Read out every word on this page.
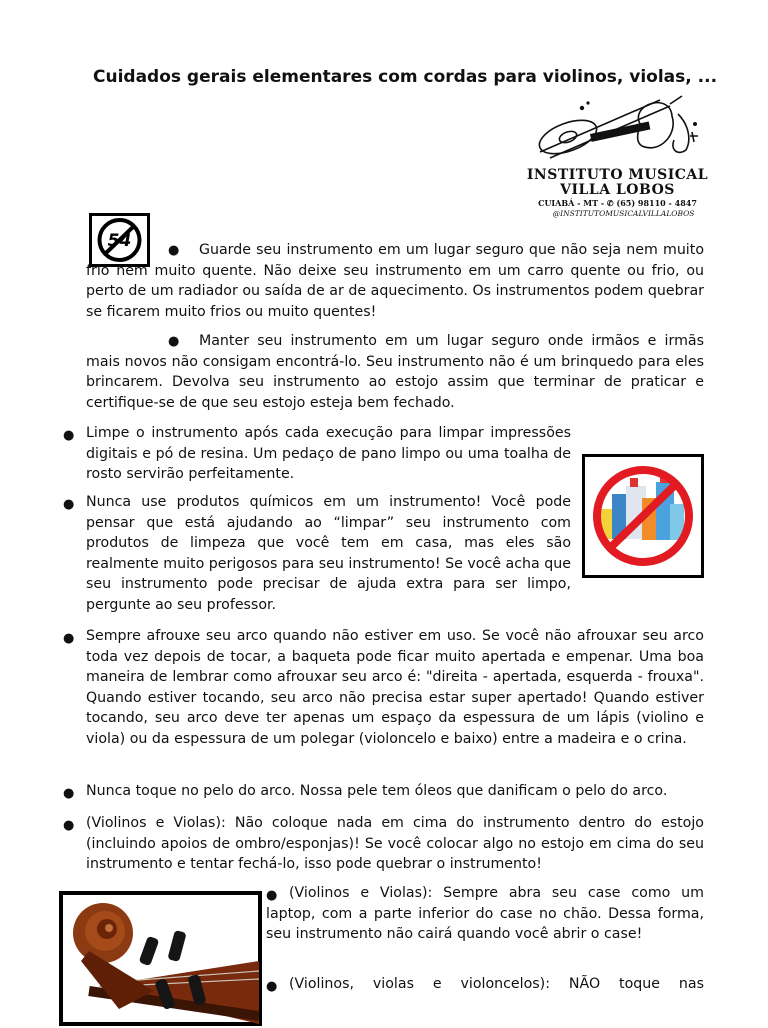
Cuidados gerais elementares com cordas para violinos, violas, ...
INSTITUTO MUSICAL
VILLA LOBOS
CUIABÁ - MT - ✆ (65) 98110 - 4847
@INSTITUTOMUSICALVILLALOBOS
54	●	Guarde seu instrumento em um lugar seguro que não seja nem muito frio nem muito quente. Não deixe seu instrumento em um carro quente ou frio, ou perto de um radiador ou saída de ar de aquecimento. Os instrumentos podem quebrar se ficarem muito frios ou muito quentes!
●	Manter seu instrumento em um lugar seguro onde irmãos e irmãs mais novos não consigam encontrá-lo. Seu instrumento não é um brinquedo para eles brincarem. Devolva seu instrumento ao estojo assim que terminar de praticar e certifique-se de que seu estojo esteja bem fechado.
● Limpe o instrumento após cada execução para limpar impressões digitais e pó de resina. Um pedaço de pano limpo ou uma toalha de rosto servirão perfeitamente.
● Nunca use produtos químicos em um instrumento! Você pode pensar que está ajudando ao “limpar” seu instrumento com produtos de limpeza que você tem em casa, mas eles são realmente muito perigosos para seu instrumento! Se você acha que seu instrumento pode precisar de ajuda extra para ser limpo, pergunte ao seu professor.
● Sempre afrouxe seu arco quando não estiver em uso. Se você não afrouxar seu arco toda vez depois de tocar, a baqueta pode ficar muito apertada e empenar. Uma boa maneira de lembrar como afrouxar seu arco é: "direita - apertada, esquerda - frouxa". Quando estiver tocando, seu arco não precisa estar super apertado! Quando estiver tocando, seu arco deve ter apenas um espaço da espessura de um lápis (violino e viola) ou da espessura de um polegar (violoncelo e baixo) entre a madeira e o crina.
● Nunca toque no pelo do arco. Nossa pele tem óleos que danificam o pelo do arco.
● (Violinos e Violas): Não coloque nada em cima do instrumento dentro do estojo (incluindo apoios de ombro/esponjas)! Se você colocar algo no estojo em cima do seu instrumento e tentar fechá-lo, isso pode quebrar o instrumento!
● (Violinos e Violas): Sempre abra seu case como um laptop, com a parte inferior do case no chão. Dessa forma, seu instrumento não cairá quando você abrir o case!
● (Violinos, violas e violoncelos): NÃO toque nas
